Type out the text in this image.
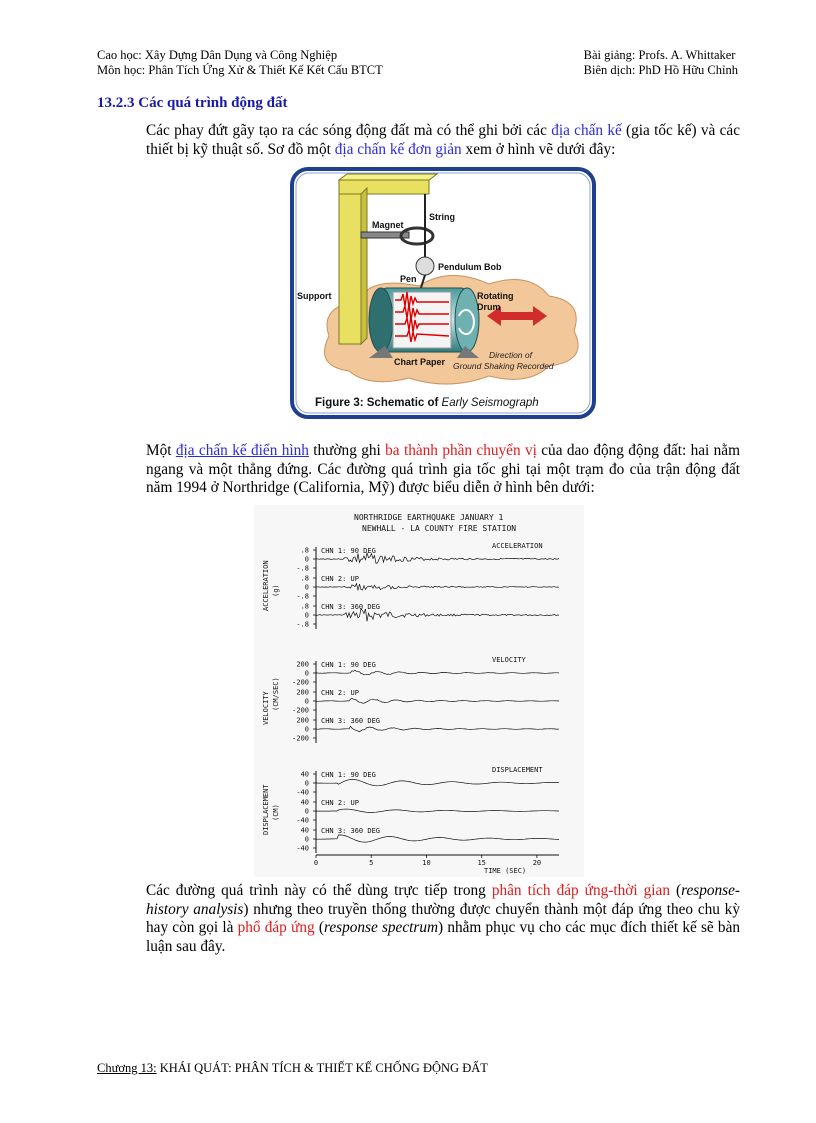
Cao học: Xây Dựng Dân Dụng và Công Nghiệp
Môn học: Phân Tích Ứng Xử & Thiết Kế Kết Cấu BTCT
Bài giảng: Profs. A. Whittaker
Biên dịch: PhD Hồ Hữu Chỉnh
13.2.3 Các quá trình động đất
Các phay đứt gãy tạo ra các sóng động đất mà có thể ghi bởi các địa chấn kế (gia tốc kế) và các thiết bị kỹ thuật số. Sơ đồ một địa chấn kế đơn giản xem ở hình vẽ dưới đây:
Magnet
String
Pendulum Bob
Pen
Support	Rotating
Drum
Chart Paper
Direction of
Ground Shaking Recorded
Figure 3: Schematic of Early Seismograph
Một địa chấn kế điển hình thường ghi ba thành phần chuyển vị của dao động động đất: hai nằm ngang và một thẳng đứng. Các đường quá trình gia tốc ghi tại một trạm đo của trận động đất năm 1994 ở Northridge (California, Mỹ) được biểu diễn ở hình bên dưới:
NORTHRIDGE EARTHQUAKE JANUARY 1
NEWHALL - LA COUNTY FIRE STATION
ACCELERATION
ACCELERATION (g)
.8
0
-.8
CHN 1: 90 DEG
.8
0
-.8
CHN 2: UP
.8
0
-.8
CHN 3: 360 DEG
VELOCITY
VELOCITY (CM/SEC)
200
0
-200
CHN 1: 90 DEG
200
0
-200
CHN 2: UP
200
0
-200
CHN 3: 360 DEG
DISPLACEMENT
DISPLACEMENT (CM)
40
0
-40
CHN 1: 90 DEG
40
0
-40
CHN 2: UP
40
0
-40
CHN 3: 360 DEG
0	5	10	15	20
TIME (SEC)
Các đường quá trình này có thể dùng trực tiếp trong phân tích đáp ứng-thời gian (response-history analysis) nhưng theo truyền thống thường được chuyển thành một đáp ứng theo chu kỳ hay còn gọi là phổ đáp ứng (response spectrum) nhằm phục vụ cho các mục đích thiết kế sẽ bàn luận sau đây.
Chương 13: KHÁI QUÁT: PHÂN TÍCH & THIẾT KẾ CHỐNG ĐỘNG ĐẤT
